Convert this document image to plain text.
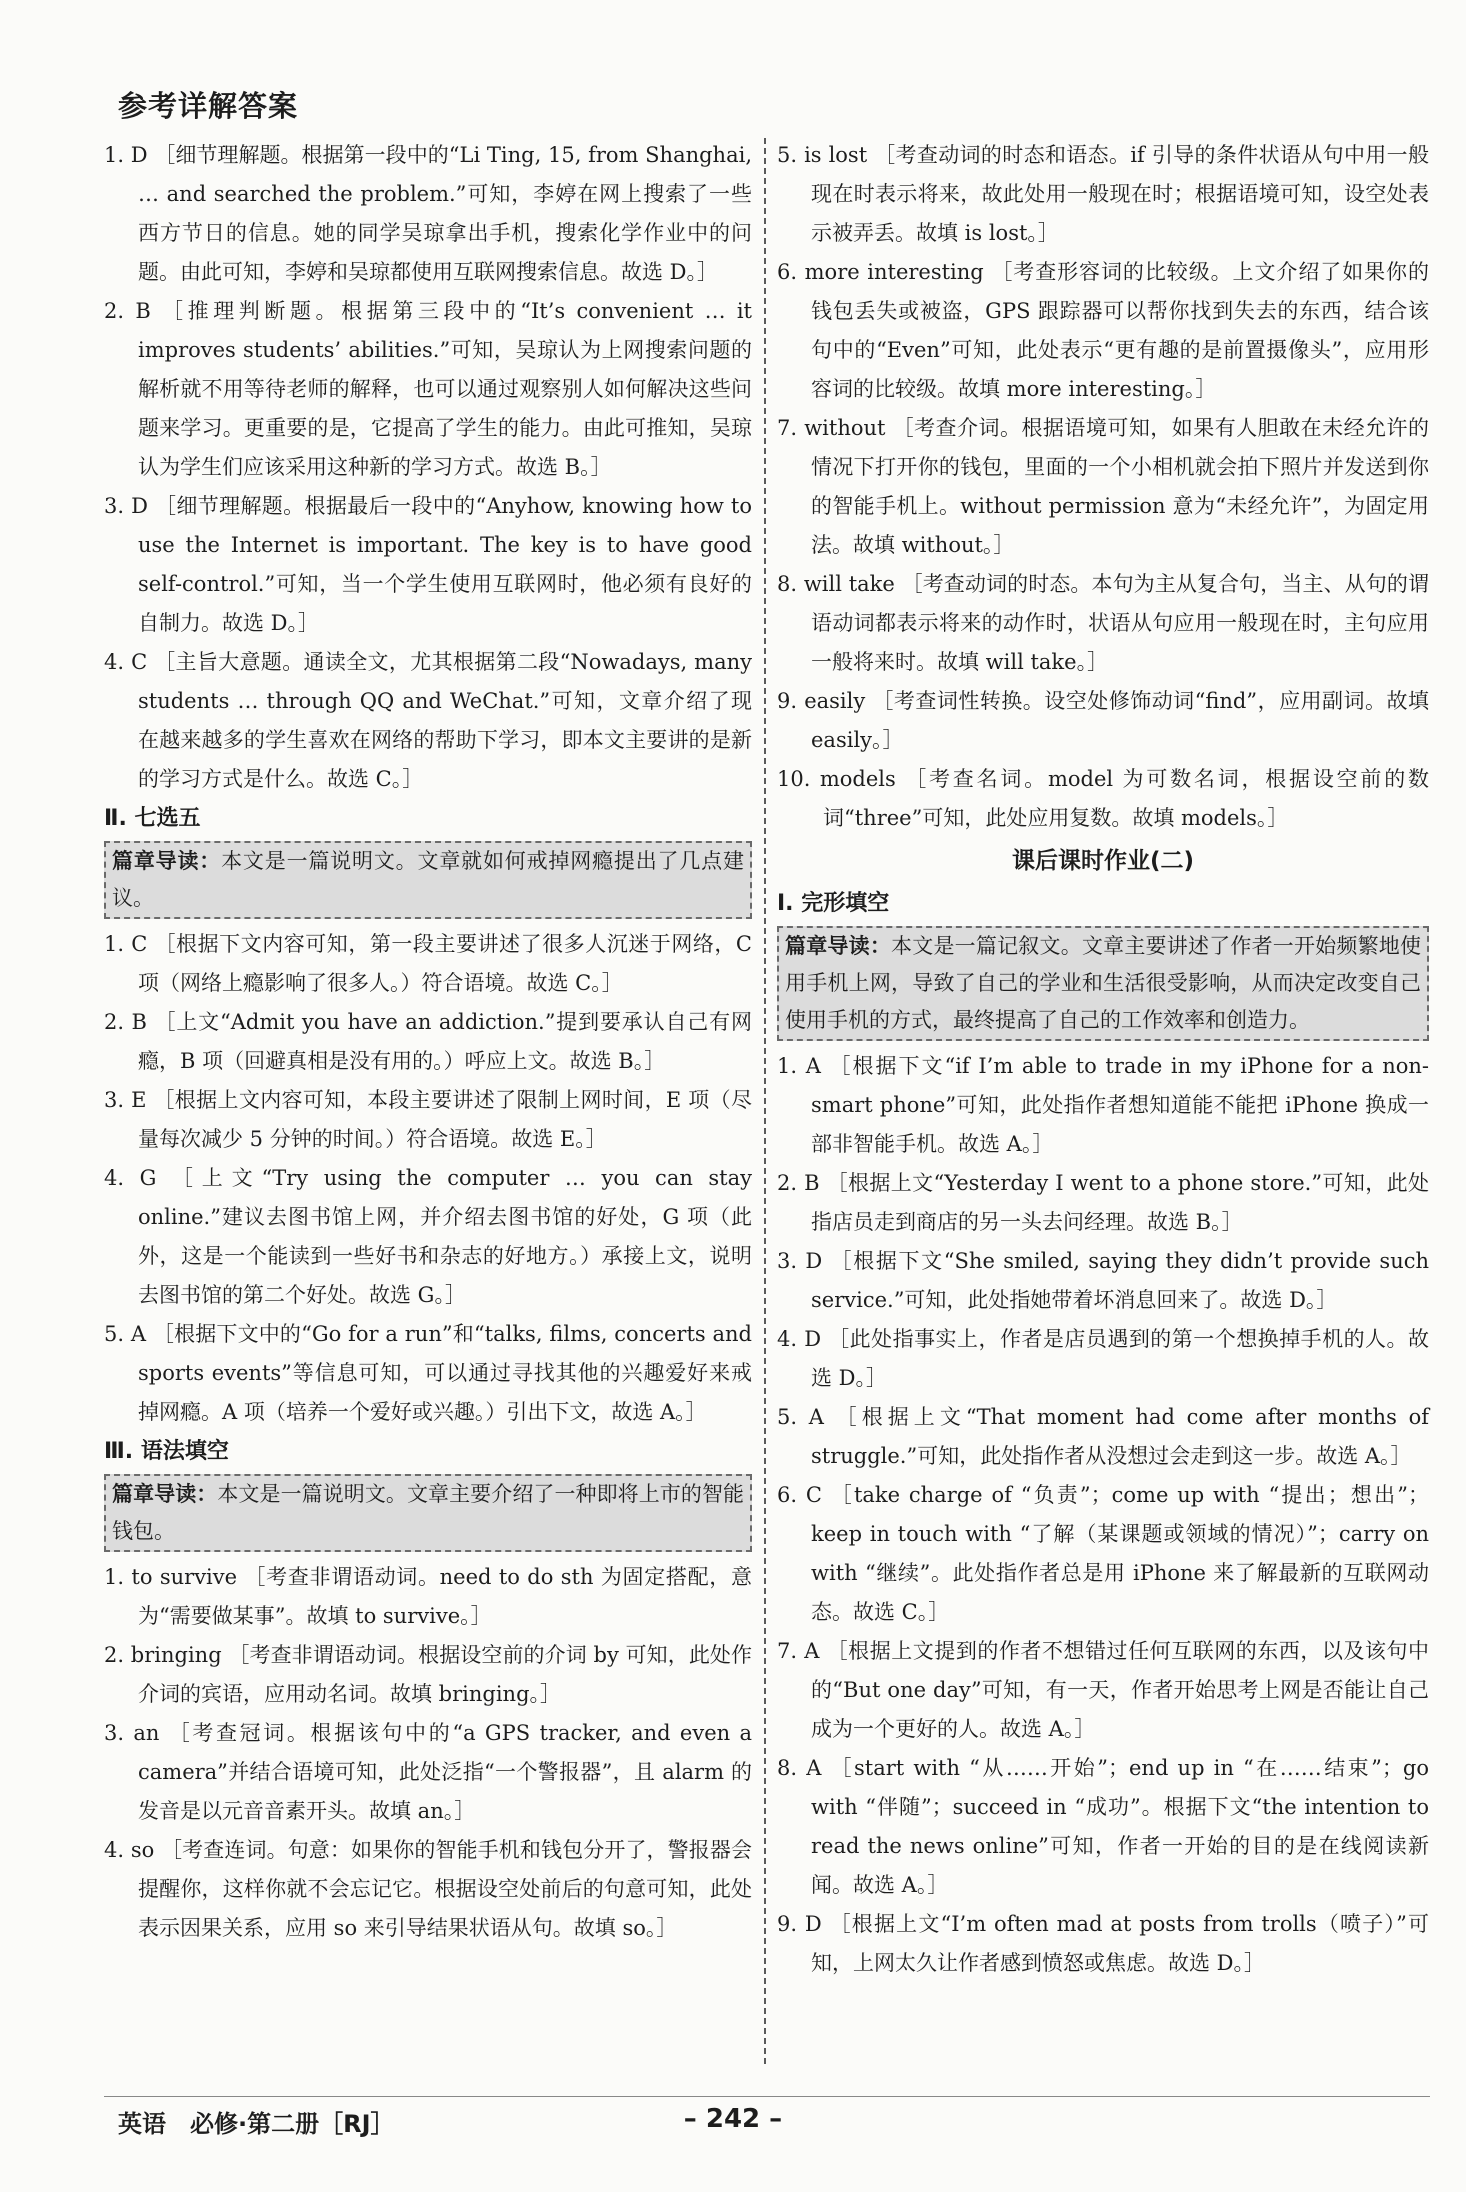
参考详解答案

1. D ［细节理解题。根据第一段中的“Li Ting, 15, from Shanghai, … and searched the problem.”可知，李婷在网上搜索了一些西方节日的信息。她的同学吴琼拿出手机，搜索化学作业中的问题。由此可知，李婷和吴琼都使用互联网搜索信息。故选 D。］

2. B ［推理判断题。根据第三段中的“It’s convenient … it improves students’ abilities.”可知，吴琼认为上网搜索问题的解析就不用等待老师的解释，也可以通过观察别人如何解决这些问题来学习。更重要的是，它提高了学生的能力。由此可推知，吴琼认为学生们应该采用这种新的学习方式。故选 B。］

3. D ［细节理解题。根据最后一段中的“Anyhow, knowing how to use the Internet is important. The key is to have good self-control.”可知，当一个学生使用互联网时，他必须有良好的自制力。故选 D。］

4. C ［主旨大意题。通读全文，尤其根据第二段“Nowadays, many students … through QQ and WeChat.”可知，文章介绍了现在越来越多的学生喜欢在网络的帮助下学习，即本文主要讲的是新的学习方式是什么。故选 C。］

Ⅱ. 七选五

篇章导读：本文是一篇说明文。文章就如何戒掉网瘾提出了几点建议。

1. C ［根据下文内容可知，第一段主要讲述了很多人沉迷于网络，C 项（网络上瘾影响了很多人。）符合语境。故选 C。］

2. B ［上文“Admit you have an addiction.”提到要承认自己有网瘾，B 项（回避真相是没有用的。）呼应上文。故选 B。］

3. E ［根据上文内容可知，本段主要讲述了限制上网时间，E 项（尽量每次减少 5 分钟的时间。）符合语境。故选 E。］

4. G ［上文“Try using the computer … you can stay online.”建议去图书馆上网，并介绍去图书馆的好处，G 项（此外，这是一个能读到一些好书和杂志的好地方。）承接上文，说明去图书馆的第二个好处。故选 G。］

5. A ［根据下文中的“Go for a run”和“talks, films, concerts and sports events”等信息可知，可以通过寻找其他的兴趣爱好来戒掉网瘾。A 项（培养一个爱好或兴趣。）引出下文，故选 A。］

Ⅲ. 语法填空

篇章导读：本文是一篇说明文。文章主要介绍了一种即将上市的智能钱包。

1. to survive ［考查非谓语动词。need to do sth 为固定搭配，意为“需要做某事”。故填 to survive。］

2. bringing ［考查非谓语动词。根据设空前的介词 by 可知，此处作介词的宾语，应用动名词。故填 bringing。］

3. an ［考查冠词。根据该句中的“a GPS tracker, and even a camera”并结合语境可知，此处泛指“一个警报器”，且 alarm 的发音是以元音音素开头。故填 an。］

4. so ［考查连词。句意：如果你的智能手机和钱包分开了，警报器会提醒你，这样你就不会忘记它。根据设空处前后的句意可知，此处表示因果关系，应用 so 来引导结果状语从句。故填 so。］

5. is lost ［考查动词的时态和语态。if 引导的条件状语从句中用一般现在时表示将来，故此处用一般现在时；根据语境可知，设空处表示被弄丢。故填 is lost。］

6. more interesting ［考查形容词的比较级。上文介绍了如果你的钱包丢失或被盗，GPS 跟踪器可以帮你找到失去的东西，结合该句中的“Even”可知，此处表示“更有趣的是前置摄像头”，应用形容词的比较级。故填 more interesting。］

7. without ［考查介词。根据语境可知，如果有人胆敢在未经允许的情况下打开你的钱包，里面的一个小相机就会拍下照片并发送到你的智能手机上。without permission 意为“未经允许”，为固定用法。故填 without。］

8. will take ［考查动词的时态。本句为主从复合句，当主、从句的谓语动词都表示将来的动作时，状语从句应用一般现在时，主句应用一般将来时。故填 will take。］

9. easily ［考查词性转换。设空处修饰动词“find”，应用副词。故填 easily。］

10. models ［考查名词。model 为可数名词，根据设空前的数词“three”可知，此处应用复数。故填 models。］

课后课时作业(二)

Ⅰ. 完形填空

篇章导读：本文是一篇记叙文。文章主要讲述了作者一开始频繁地使用手机上网，导致了自己的学业和生活很受影响，从而决定改变自己使用手机的方式，最终提高了自己的工作效率和创造力。

1. A ［根据下文“if I’m able to trade in my iPhone for a non-smart phone”可知，此处指作者想知道能不能把 iPhone 换成一部非智能手机。故选 A。］

2. B ［根据上文“Yesterday I went to a phone store.”可知，此处指店员走到商店的另一头去问经理。故选 B。］

3. D ［根据下文“She smiled, saying they didn’t provide such service.”可知，此处指她带着坏消息回来了。故选 D。］

4. D ［此处指事实上，作者是店员遇到的第一个想换掉手机的人。故选 D。］

5. A ［根据上文“That moment had come after months of struggle.”可知，此处指作者从没想过会走到这一步。故选 A。］

6. C ［take charge of “负责”；come up with “提出；想出”；keep in touch with “了解（某课题或领域的情况）”；carry on with “继续”。此处指作者总是用 iPhone 来了解最新的互联网动态。故选 C。］

7. A ［根据上文提到的作者不想错过任何互联网的东西，以及该句中的“But one day”可知，有一天，作者开始思考上网是否能让自己成为一个更好的人。故选 A。］

8. A ［start with “从……开始”；end up in “在……结束”；go with “伴随”；succeed in “成功”。根据下文“the intention to read the news online”可知，作者一开始的目的是在线阅读新闻。故选 A。］

9. D ［根据上文“I’m often mad at posts from trolls（喷子）”可知，上网太久让作者感到愤怒或焦虑。故选 D。］

英语　必修·第二册［RJ］	– 242 –
